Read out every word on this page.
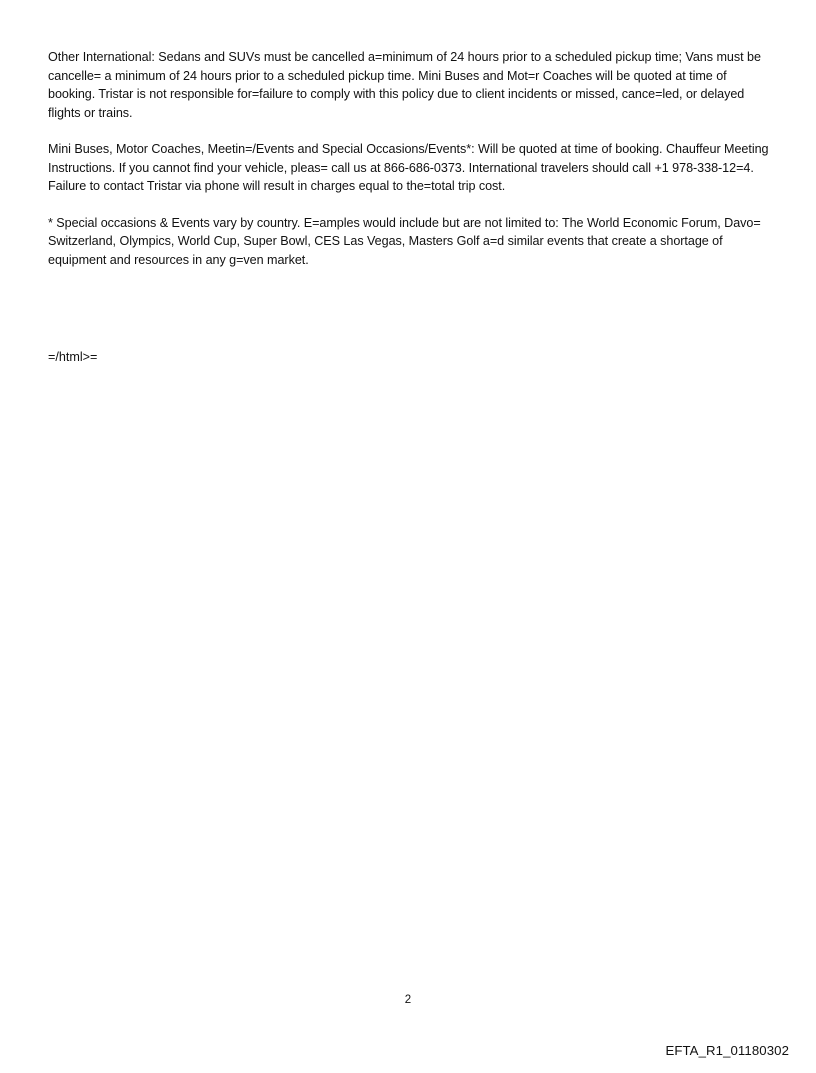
Other International: Sedans and SUVs must be cancelled a=minimum of 24 hours prior to a scheduled pickup time; Vans must be cancelle= a minimum of 24 hours prior to a scheduled pickup time. Mini Buses and Mot=r Coaches will be quoted at time of booking. Tristar is not responsible for=failure to comply with this policy due to client incidents or missed, cance=led, or delayed flights or trains.

Mini Buses, Motor Coaches, Meetin=/Events and Special Occasions/Events*: Will be quoted at time of booking. Chauffeur Meeting Instructions. If you cannot find your vehicle, pleas= call us at 866-686-0373. International travelers should call +1 978-338-12=4. Failure to contact Tristar via phone will result in charges equal to the=total trip cost.

* Special occasions & Events vary by country. E=amples would include but are not limited to: The World Economic Forum, Davo= Switzerland, Olympics, World Cup, Super Bowl, CES Las Vegas, Masters Golf a=d similar events that create a shortage of equipment and resources in any g=ven market.

=/html>=
2
EFTA_R1_01180302
